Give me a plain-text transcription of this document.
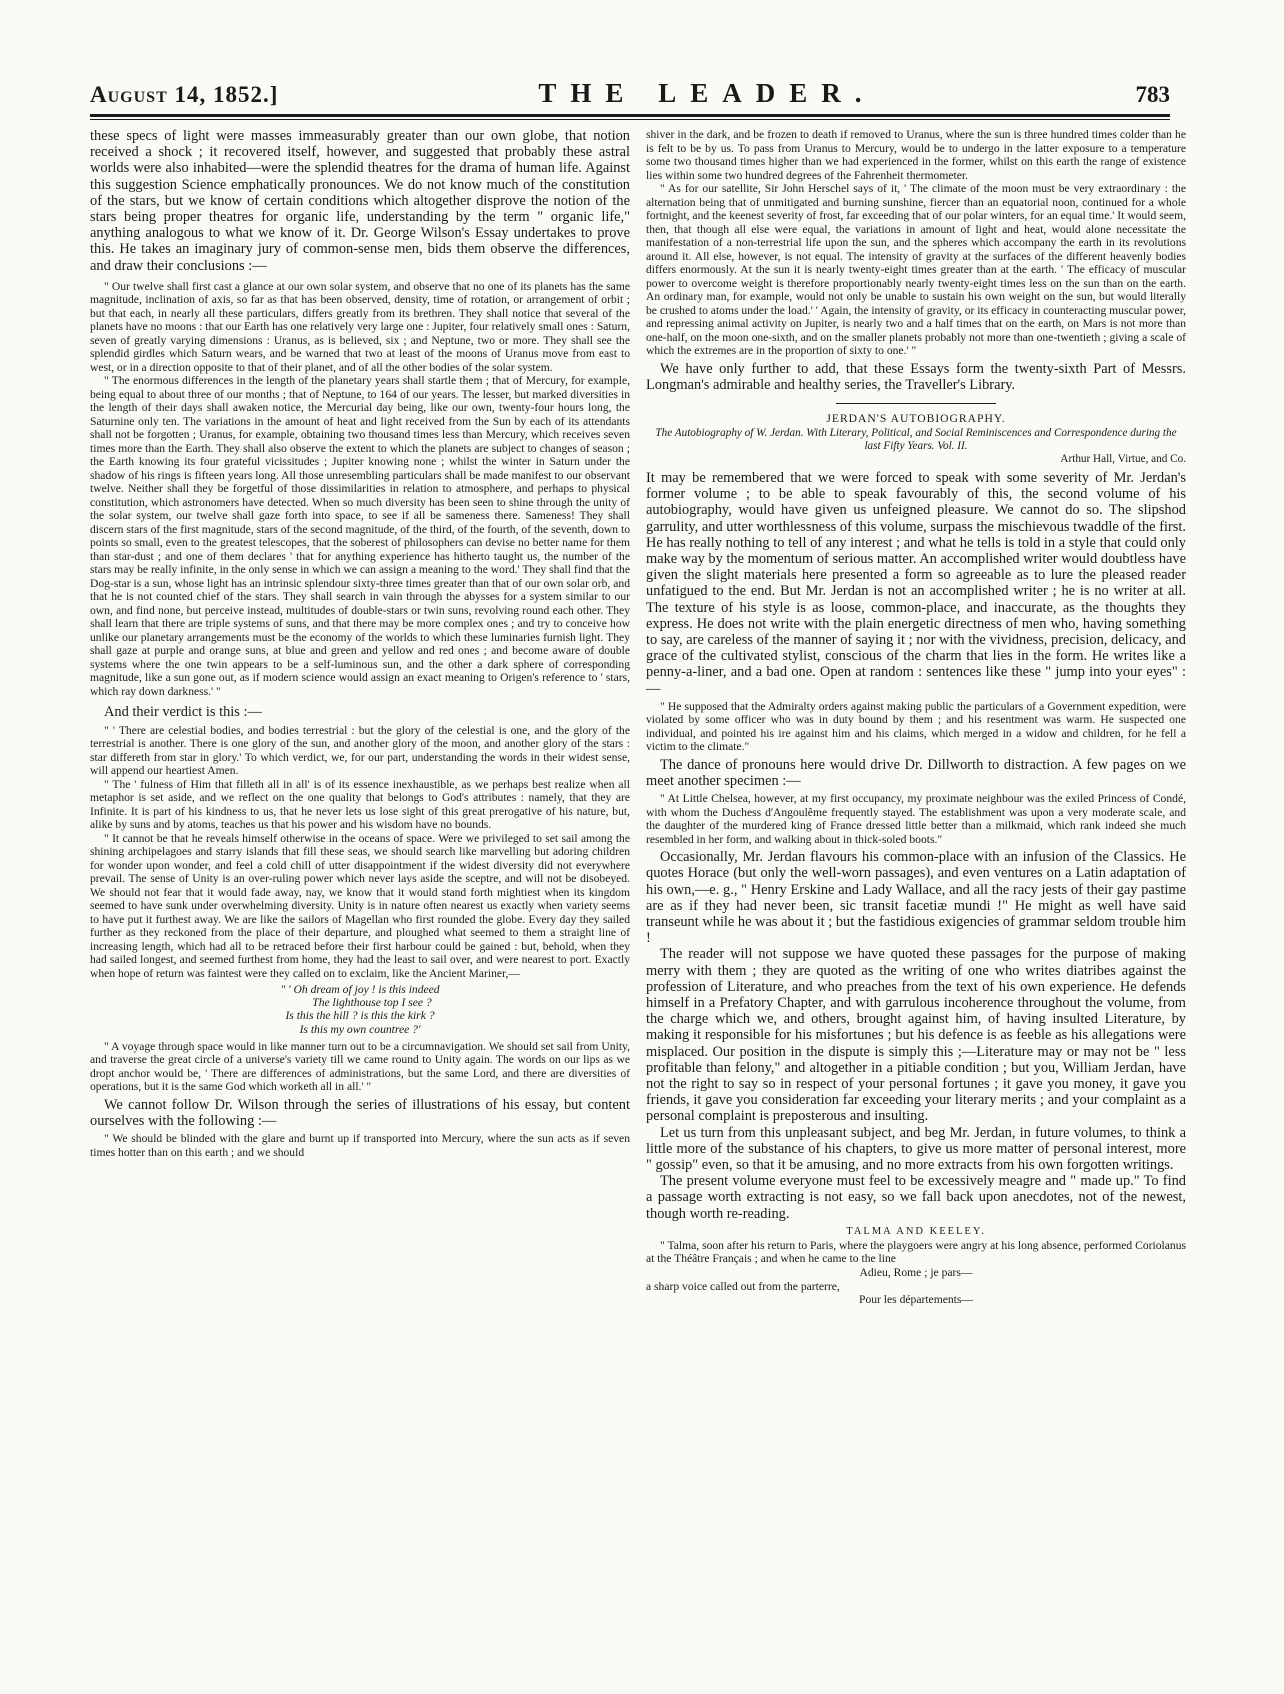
August 14, 1852.]	THE LEADER.	783

these specs of light were masses immeasurably greater than our own globe, that notion received a shock ; it recovered itself, however, and suggested that probably these astral worlds were also inhabited—were the splendid theatres for the drama of human life. Against this suggestion Science emphatically pronounces. We do not know much of the constitution of the stars, but we know of certain conditions which altogether disprove the notion of the stars being proper theatres for organic life, understanding by the term " organic life," anything analogous to what we know of it. Dr. George Wilson's Essay undertakes to prove this. He takes an imaginary jury of common-sense men, bids them observe the differences, and draw their conclusions :—

" Our twelve shall first cast a glance at our own solar system, and observe that no one of its planets has the same magnitude, inclination of axis, so far as that has been observed, density, time of rotation, or arrangement of orbit ; but that each, in nearly all these particulars, differs greatly from its brethren. They shall notice that several of the planets have no moons : that our Earth has one relatively very large one : Jupiter, four relatively small ones : Saturn, seven of greatly varying dimensions : Uranus, as is believed, six ; and Neptune, two or more. They shall see the splendid girdles which Saturn wears, and be warned that two at least of the moons of Uranus move from east to west, or in a direction opposite to that of their planet, and of all the other bodies of the solar system.

" The enormous differences in the length of the planetary years shall startle them ; that of Mercury, for example, being equal to about three of our months ; that of Neptune, to 164 of our years. The lesser, but marked diversities in the length of their days shall awaken notice, the Mercurial day being, like our own, twenty-four hours long, the Saturnine only ten. The variations in the amount of heat and light received from the Sun by each of its attendants shall not be forgotten ; Uranus, for example, obtaining two thousand times less than Mercury, which receives seven times more than the Earth. They shall also observe the extent to which the planets are subject to changes of season ; the Earth knowing its four grateful vicissitudes ; Jupiter knowing none ; whilst the winter in Saturn under the shadow of his rings is fifteen years long. All those unresembling particulars shall be made manifest to our observant twelve. Neither shall they be forgetful of those dissimilarities in relation to atmosphere, and perhaps to physical constitution, which astronomers have detected. When so much diversity has been seen to shine through the unity of the solar system, our twelve shall gaze forth into space, to see if all be sameness there. Sameness! They shall discern stars of the first magnitude, stars of the second magnitude, of the third, of the fourth, of the seventh, down to points so small, even to the greatest telescopes, that the soberest of philosophers can devise no better name for them than star-dust ; and one of them declares ' that for anything experience has hitherto taught us, the number of the stars may be really infinite, in the only sense in which we can assign a meaning to the word.' They shall find that the Dog-star is a sun, whose light has an intrinsic splendour sixty-three times greater than that of our own solar orb, and that he is not counted chief of the stars. They shall search in vain through the abysses for a system similar to our own, and find none, but perceive instead, multitudes of double-stars or twin suns, revolving round each other. They shall learn that there are triple systems of suns, and that there may be more complex ones ; and try to conceive how unlike our planetary arrangements must be the economy of the worlds to which these luminaries furnish light. They shall gaze at purple and orange suns, at blue and green and yellow and red ones ; and become aware of double systems where the one twin appears to be a self-luminous sun, and the other a dark sphere of corresponding magnitude, like a sun gone out, as if modern science would assign an exact meaning to Origen's reference to ' stars, which ray down darkness.' "

And their verdict is this :—

" ' There are celestial bodies, and bodies terrestrial : but the glory of the celestial is one, and the glory of the terrestrial is another. There is one glory of the sun, and another glory of the moon, and another glory of the stars : star differeth from star in glory.' To which verdict, we, for our part, understanding the words in their widest sense, will append our heartiest Amen.

" The ' fulness of Him that filleth all in all' is of its essence inexhaustible, as we perhaps best realize when all metaphor is set aside, and we reflect on the one quality that belongs to God's attributes : namely, that they are Infinite. It is part of his kindness to us, that he never lets us lose sight of this great prerogative of his nature, but, alike by suns and by atoms, teaches us that his power and his wisdom have no bounds.

" It cannot be that he reveals himself otherwise in the oceans of space. Were we privileged to set sail among the shining archipelagoes and starry islands that fill these seas, we should search like marvelling but adoring children for wonder upon wonder, and feel a cold chill of utter disappointment if the widest diversity did not everywhere prevail. The sense of Unity is an over-ruling power which never lays aside the sceptre, and will not be disobeyed. We should not fear that it would fade away, nay, we know that it would stand forth mightiest when its kingdom seemed to have sunk under overwhelming diversity. Unity is in nature often nearest us exactly when variety seems to have put it furthest away. We are like the sailors of Magellan who first rounded the globe. Every day they sailed further as they reckoned from the place of their departure, and ploughed what seemed to them a straight line of increasing length, which had all to be retraced before their first harbour could be gained : but, behold, when they had sailed longest, and seemed furthest from home, they had the least to sail over, and were nearest to port. Exactly when hope of return was faintest were they called on to exclaim, like the Ancient Mariner,—

" ' Oh dream of joy ! is this indeed
The lighthouse top I see ?
Is this the hill ? is this the kirk ?
Is this my own countree ?'

" A voyage through space would in like manner turn out to be a circumnavigation. We should set sail from Unity, and traverse the great circle of a universe's variety till we came round to Unity again. The words on our lips as we dropt anchor would be, ' There are differences of administrations, but the same Lord, and there are diversities of operations, but it is the same God which worketh all in all.' "

We cannot follow Dr. Wilson through the series of illustrations of his essay, but content ourselves with the following :—

" We should be blinded with the glare and burnt up if transported into Mercury, where the sun acts as if seven times hotter than on this earth ; and we should

shiver in the dark, and be frozen to death if removed to Uranus, where the sun is three hundred times colder than he is felt to be by us. To pass from Uranus to Mercury, would be to undergo in the latter exposure to a temperature some two thousand times higher than we had experienced in the former, whilst on this earth the range of existence lies within some two hundred degrees of the Fahrenheit thermometer.

" As for our satellite, Sir John Herschel says of it, ' The climate of the moon must be very extraordinary : the alternation being that of unmitigated and burning sunshine, fiercer than an equatorial noon, continued for a whole fortnight, and the keenest severity of frost, far exceeding that of our polar winters, for an equal time.' It would seem, then, that though all else were equal, the variations in amount of light and heat, would alone necessitate the manifestation of a non-terrestrial life upon the sun, and the spheres which accompany the earth in its revolutions around it. All else, however, is not equal. The intensity of gravity at the surfaces of the different heavenly bodies differs enormously. At the sun it is nearly twenty-eight times greater than at the earth. ' The efficacy of muscular power to overcome weight is therefore proportionably nearly twenty-eight times less on the sun than on the earth. An ordinary man, for example, would not only be unable to sustain his own weight on the sun, but would literally be crushed to atoms under the load.' ' Again, the intensity of gravity, or its efficacy in counteracting muscular power, and repressing animal activity on Jupiter, is nearly two and a half times that on the earth, on Mars is not more than one-half, on the moon one-sixth, and on the smaller planets probably not more than one-twentieth ; giving a scale of which the extremes are in the proportion of sixty to one.' "

We have only further to add, that these Essays form the twenty-sixth Part of Messrs. Longman's admirable and healthy series, the Traveller's Library.

JERDAN'S AUTOBIOGRAPHY.
The Autobiography of W. Jerdan. With Literary, Political, and Social Reminiscences and Correspondence during the last Fifty Years. Vol. II.
Arthur Hall, Virtue, and Co.

It may be remembered that we were forced to speak with some severity of Mr. Jerdan's former volume ; to be able to speak favourably of this, the second volume of his autobiography, would have given us unfeigned pleasure. We cannot do so. The slipshod garrulity, and utter worthlessness of this volume, surpass the mischievous twaddle of the first. He has really nothing to tell of any interest ; and what he tells is told in a style that could only make way by the momentum of serious matter. An accomplished writer would doubtless have given the slight materials here presented a form so agreeable as to lure the pleased reader unfatigued to the end. But Mr. Jerdan is not an accomplished writer ; he is no writer at all. The texture of his style is as loose, common-place, and inaccurate, as the thoughts they express. He does not write with the plain energetic directness of men who, having something to say, are careless of the manner of saying it ; nor with the vividness, precision, delicacy, and grace of the cultivated stylist, conscious of the charm that lies in the form. He writes like a penny-a-liner, and a bad one. Open at random : sentences like these " jump into your eyes" :—

" He supposed that the Admiralty orders against making public the particulars of a Government expedition, were violated by some officer who was in duty bound by them ; and his resentment was warm. He suspected one individual, and pointed his ire against him and his claims, which merged in a widow and children, for he fell a victim to the climate."

The dance of pronouns here would drive Dr. Dillworth to distraction. A few pages on we meet another specimen :—

" At Little Chelsea, however, at my first occupancy, my proximate neighbour was the exiled Princess of Condé, with whom the Duchess d'Angoulême frequently stayed. The establishment was upon a very moderate scale, and the daughter of the murdered king of France dressed little better than a milkmaid, which rank indeed she much resembled in her form, and walking about in thick-soled boots."

Occasionally, Mr. Jerdan flavours his common-place with an infusion of the Classics. He quotes Horace (but only the well-worn passages), and even ventures on a Latin adaptation of his own,—e. g., " Henry Erskine and Lady Wallace, and all the racy jests of their gay pastime are as if they had never been, sic transit facetiæ mundi !" He might as well have said transeunt while he was about it ; but the fastidious exigencies of grammar seldom trouble him !

The reader will not suppose we have quoted these passages for the purpose of making merry with them ; they are quoted as the writing of one who writes diatribes against the profession of Literature, and who preaches from the text of his own experience. He defends himself in a Prefatory Chapter, and with garrulous incoherence throughout the volume, from the charge which we, and others, brought against him, of having insulted Literature, by making it responsible for his misfortunes ; but his defence is as feeble as his allegations were misplaced. Our position in the dispute is simply this ;—Literature may or may not be " less profitable than felony," and altogether in a pitiable condition ; but you, William Jerdan, have not the right to say so in respect of your personal fortunes ; it gave you money, it gave you friends, it gave you consideration far exceeding your literary merits ; and your complaint as a personal complaint is preposterous and insulting.

Let us turn from this unpleasant subject, and beg Mr. Jerdan, in future volumes, to think a little more of the substance of his chapters, to give us more matter of personal interest, more " gossip" even, so that it be amusing, and no more extracts from his own forgotten writings.

The present volume everyone must feel to be excessively meagre and " made up." To find a passage worth extracting is not easy, so we fall back upon anecdotes, not of the newest, though worth re-reading.

TALMA AND KEELEY.

" Talma, soon after his return to Paris, where the playgoers were angry at his long absence, performed Coriolanus at the Théâtre Français ; and when he came to the line

Adieu, Rome ; je pars—

a sharp voice called out from the parterre,

Pour les départements—
